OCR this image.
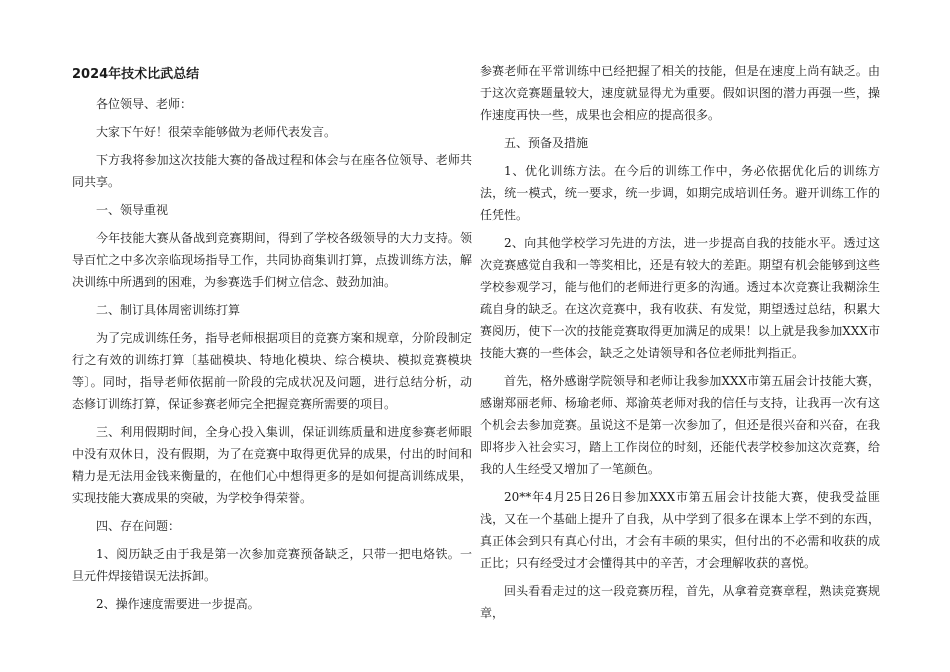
2024年技术比武总结

各位领导、老师：

大家下午好！很荣幸能够做为老师代表发言。

下方我将参加这次技能大赛的备战过程和体会与在座各位领导、老师共同共享。

一、领导重视

今年技能大赛从备战到竞赛期间，得到了学校各级领导的大力支持。领导百忙之中多次亲临现场指导工作，共同协商集训打算，点拨训练方法，解决训练中所遇到的困难，为参赛选手们树立信念、鼓劲加油。

二、制订具体周密训练打算

为了完成训练任务，指导老师根据项目的竞赛方案和规章，分阶段制定行之有效的训练打算〔基础模块、特地化模块、综合模块、模拟竞赛模块等〕。同时，指导老师依据前一阶段的完成状况及问题，进行总结分析，动态修订训练打算，保证参赛老师完全把握竞赛所需要的项目。

三、利用假期时间，全身心投入集训，保证训练质量和进度参赛老师眼中没有双休日，没有假期，为了在竞赛中取得更优异的成果，付出的时间和精力是无法用金钱来衡量的，在他们心中想得更多的是如何提高训练成果，实现技能大赛成果的突破，为学校争得荣誉。

四、存在问题：

1、阅历缺乏由于我是第一次参加竞赛预备缺乏，只带一把电烙铁。一旦元件焊接错误无法拆卸。

2、操作速度需要进一步提高。

参赛老师在平常训练中已经把握了相关的技能，但是在速度上尚有缺乏。由于这次竞赛题量较大，速度就显得尤为重要。假如识图的潜力再强一些，操作速度再快一些，成果也会相应的提高很多。

五、预备及措施

1、优化训练方法。在今后的训练工作中，务必依据优化后的训练方法，统一模式，统一要求，统一步调，如期完成培训任务。避开训练工作的任凭性。

2、向其他学校学习先进的方法，进一步提高自我的技能水平。透过这次竞赛感觉自我和一等奖相比，还是有较大的差距。期望有机会能够到这些学校参观学习，能与他们的老师进行更多的沟通。透过本次竞赛让我糊涂生疏自身的缺乏。在这次竞赛中，我有收获、有发觉，期望透过总结，积累大赛阅历，使下一次的技能竞赛取得更加满足的成果！以上就是我参加XXX市技能大赛的一些体会，缺乏之处请领导和各位老师批判指正。

首先，格外感谢学院领导和老师让我参加XXX市第五届会计技能大赛，感谢郑丽老师、杨瑜老师、郑渝英老师对我的信任与支持，让我再一次有这个机会去参加竞赛。虽说这不是第一次参加了，但还是很兴奋和兴奋，在我即将步入社会实习，踏上工作岗位的时刻，还能代表学校参加这次竞赛，给我的人生经受又增加了一笔颜色。

20**年4月25日26日参加XXX市第五届会计技能大赛，使我受益匪浅，又在一个基础上提升了自我，从中学到了很多在课本上学不到的东西，真正体会到只有真心付出，才会有丰硕的果实，但付出的不必需和收获的成正比；只有经受过才会懂得其中的辛苦，才会理解收获的喜悦。

回头看看走过的这一段竞赛历程，首先，从拿着竞赛章程，熟读竞赛规章，
